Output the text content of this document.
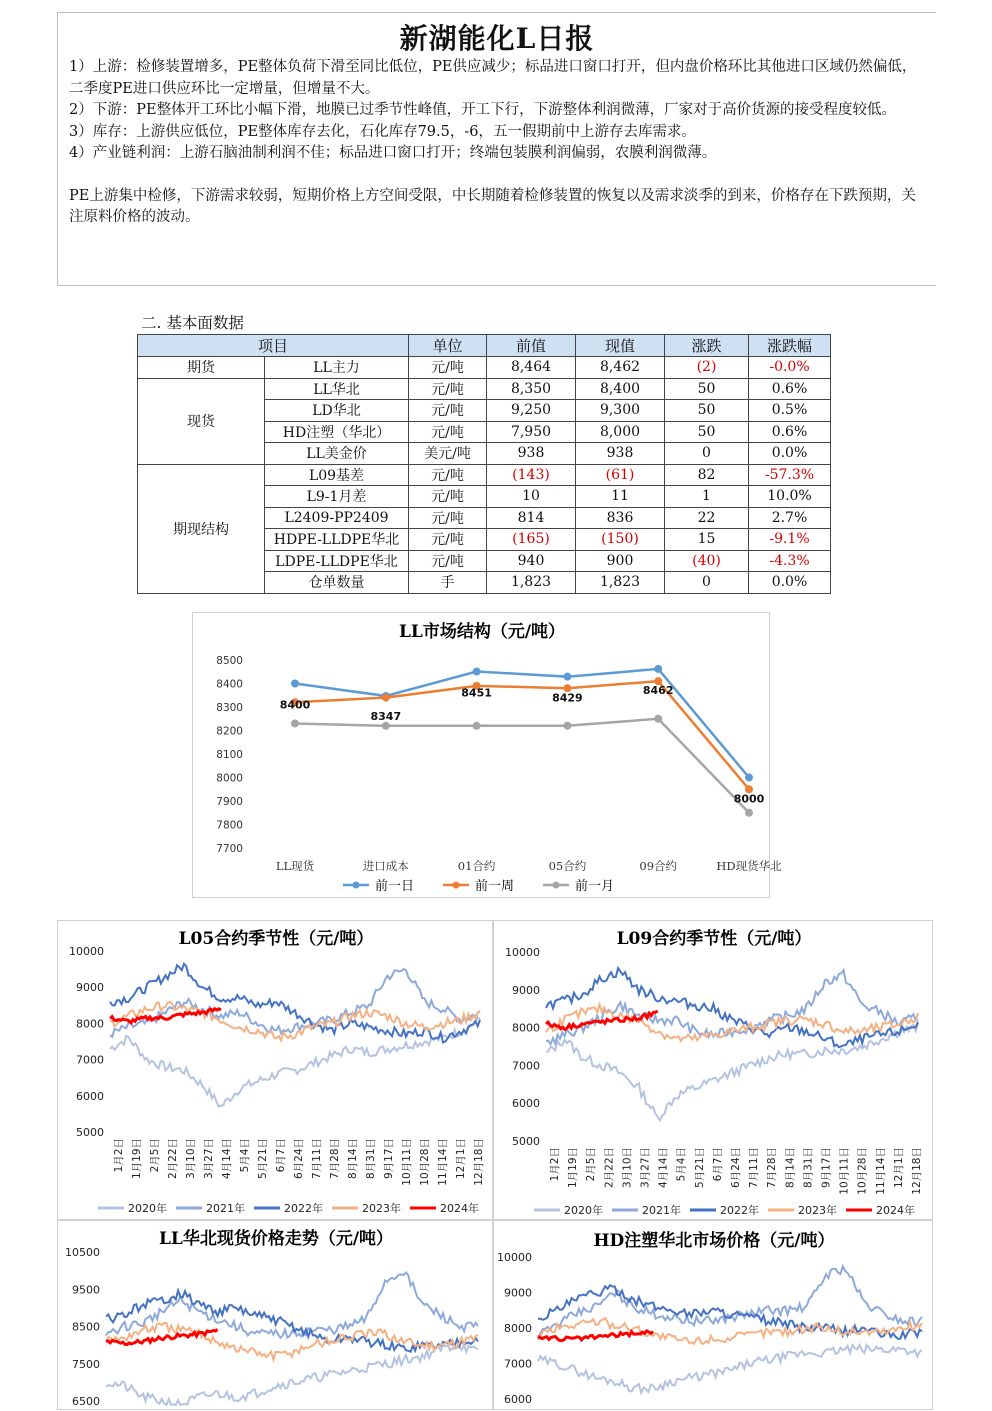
新湖能化L日报

1）上游：检修装置增多，PE整体负荷下滑至同比低位，PE供应减少；标品进口窗口打开，但内盘价格环比其他进口区域仍然偏低，二季度PE进口供应环比一定增量，但增量不大。

2）下游：PE整体开工环比小幅下滑，地膜已过季节性峰值，开工下行，下游整体利润微薄，厂家对于高价货源的接受程度较低。

3）库存：上游供应低位，PE整体库存去化，石化库存79.5，-6，五一假期前中上游存去库需求。

4）产业链利润：上游石脑油制利润不佳；标品进口窗口打开；终端包装膜利润偏弱，农膜利润微薄。

PE上游集中检修，下游需求较弱，短期价格上方空间受限，中长期随着检修装置的恢复以及需求淡季的到来，价格存在下跌预期，关注原料价格的波动。

二. 基本面数据
项目		单位	前值	现值	涨跌	涨跌幅
期货	LL主力	元/吨	8,464	8,462	(2)	-0.0%
现货	LL华北	元/吨	8,350	8,400	50	0.6%
	LD华北	元/吨	9,250	9,300	50	0.5%
	HD注塑（华北）	元/吨	7,950	8,000	50	0.6%
	LL美金价	美元/吨	938	938	0	0.0%
期现结构	L09基差	元/吨	(143)	(61)	82	-57.3%
	L9-1月差	元/吨	10	11	1	10.0%
	L2409-PP2409	元/吨	814	836	22	2.7%
	HDPE-LLDPE华北	元/吨	(165)	(150)	15	-9.1%
	LDPE-LLDPE华北	元/吨	940	900	(40)	-4.3%
	仓单数量	手	1,823	1,823	0	0.0%
LL市场结构（元/吨）
7700
7800
7900
8000
8100
8200
8300
8400
8500
LL现货	进口成本	01合约	05合约	09合约	HD现货华北
8400
8347
8451	8429
8462
8000
前一日	前一周	前一月
L05合约季节性（元/吨）
5000
6000
7000
8000
9000
10000
1月2日 1月19日 2月5日 2月22日 3月10日 3月27日 4月14日 5月4日 5月21日 6月7日 6月24日 7月11日 7月28日 8月14日 8月31日 9月17日 10月11日 10月28日 11月14日 12月1日 12月18日
2020年	2021年	2022年	2023年	2024年
L09合约季节性（元/吨）
5000
6000
7000
8000
9000
10000
1月2日 1月19日 2月5日 2月22日 3月10日 3月27日 4月14日 5月4日 5月21日 6月7日 6月24日 7月11日 7月28日 8月14日 8月31日 9月17日 10月11日 10月28日 11月14日 12月1日 12月18日
2020年	2021年	2022年	2023年	2024年
LL华北现货价格走势（元/吨）
6500
7500
8500
9500
10500
HD注塑华北市场价格（元/吨）
6000
7000
8000
9000
10000
